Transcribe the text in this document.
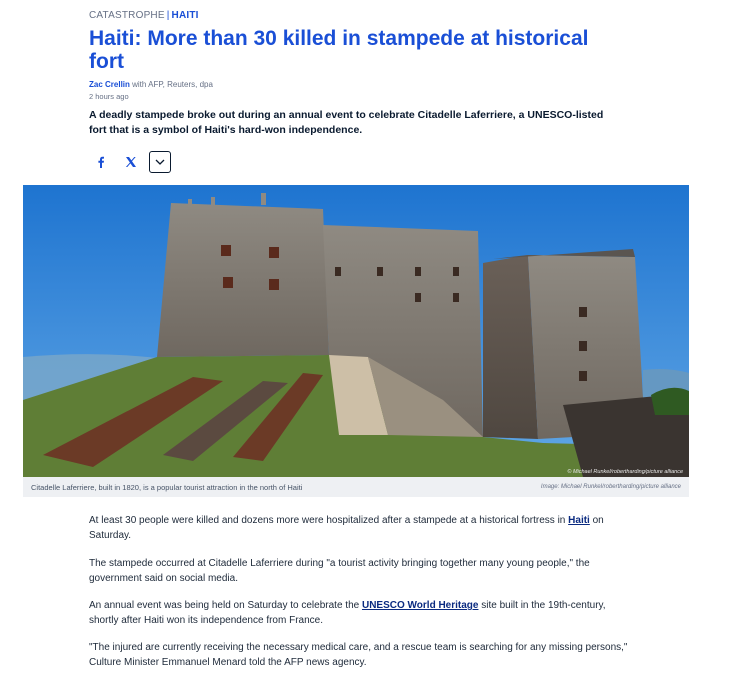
CATASTROPHE | HAITI
Haiti: More than 30 killed in stampede at historical fort
Zac Crellin with AFP, Reuters, dpa
2 hours ago

A deadly stampede broke out during an annual event to celebrate Citadelle Laferriere, a UNESCO-listed fort that is a symbol of Haiti's hard-won independence.

© Michael Runkel/robertharding/picture alliance
Citadelle Laferriere, built in 1820, is a popular tourist attraction in the north of Haiti	Image: Michael Runkel/robertharding/picture alliance

At least 30 people were killed and dozens more were hospitalized after a stampede at a historical fortress in Haiti on Saturday.

The stampede occurred at Citadelle Laferriere during "a tourist activity bringing together many young people," the government said on social media.

An annual event was being held on Saturday to celebrate the UNESCO World Heritage site built in the 19th-century, shortly after Haiti won its independence from France.

"The injured are currently receiving the necessary medical care, and a rescue team is searching for any missing persons," Culture Minister Emmanuel Menard told the AFP news agency.
